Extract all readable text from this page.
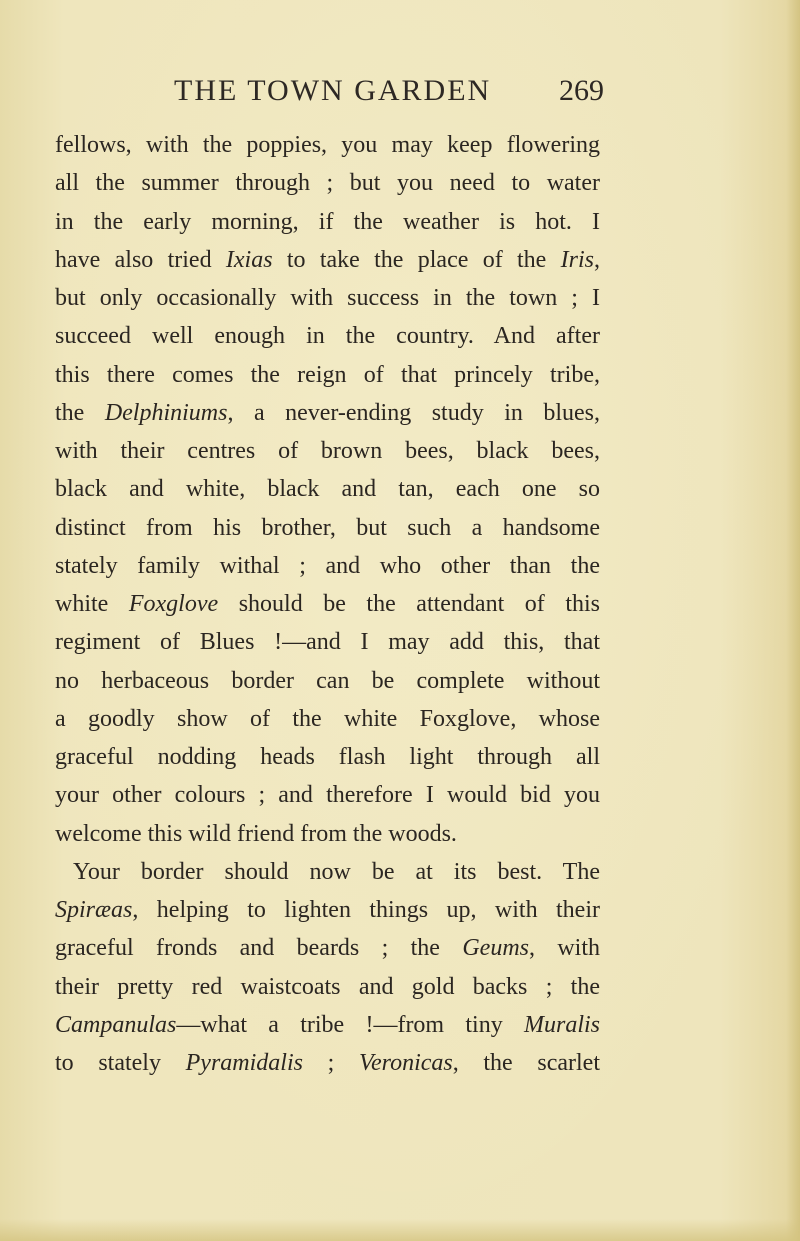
THE TOWN GARDEN 269
fellows, with the poppies, you may keep flowering
all the summer through ; but you need to water
in the early morning, if the weather is hot. I
have also tried Ixias to take the place of the Iris,
but only occasionally with success in the town ; I
succeed well enough in the country. And after
this there comes the reign of that princely tribe,
the Delphiniums, a never-ending study in blues,
with their centres of brown bees, black bees,
black and white, black and tan, each one so
distinct from his brother, but such a handsome
stately family withal ; and who other than the
white Foxglove should be the attendant of this
regiment of Blues !—and I may add this, that
no herbaceous border can be complete without
a goodly show of the white Foxglove, whose
graceful nodding heads flash light through all
your other colours ; and therefore I would bid you
welcome this wild friend from the woods.
Your border should now be at its best. The
Spiræas, helping to lighten things up, with their
graceful fronds and beards ; the Geums, with
their pretty red waistcoats and gold backs ; the
Campanulas—what a tribe !—from tiny Muralis
to stately Pyramidalis ; Veronicas, the scarlet
